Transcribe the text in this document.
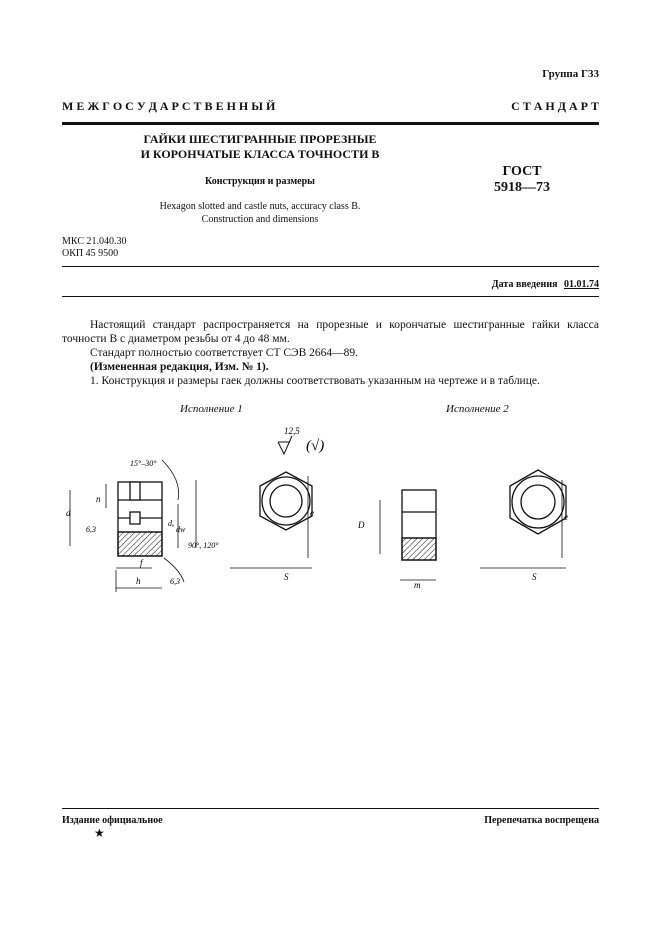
Группа Г33
М Е Ж Г О С У Д А Р С Т В Е Н Н Ы Й	С Т А Н Д А Р Т
ГАЙКИ ШЕСТИГРАННЫЕ ПРОРЕЗНЫЕ
И КОРОНЧАТЫЕ КЛАССА ТОЧНОСТИ В
Конструкция и размеры
Hexagon slotted and castle nuts, accuracy class B.
Construction and dimensions
ГОСТ
5918—73
МКС 21.040.30
ОКП 45 9500
Дата введения 01.01.74

Настоящий стандарт распространяется на прорезные и корончатые шестигранные гайки класса точности В с диаметром резьбы от 4 до 48 мм.

Стандарт полностью соответствует СТ СЭВ 2664—89.

(Измененная редакция, Изм. № 1).

1. Конструкция и размеры гаек должны соответствовать указанным на чертеже и в таблице.

Исполнение 1	Исполнение 2
12,5
(√)
d
n
6,3
f
h	6,3
15°–30°
dₐ
dw
90°, 120°
S
e
D
m
S
e
Издание официальное	Перепечатка воспрещена
★
